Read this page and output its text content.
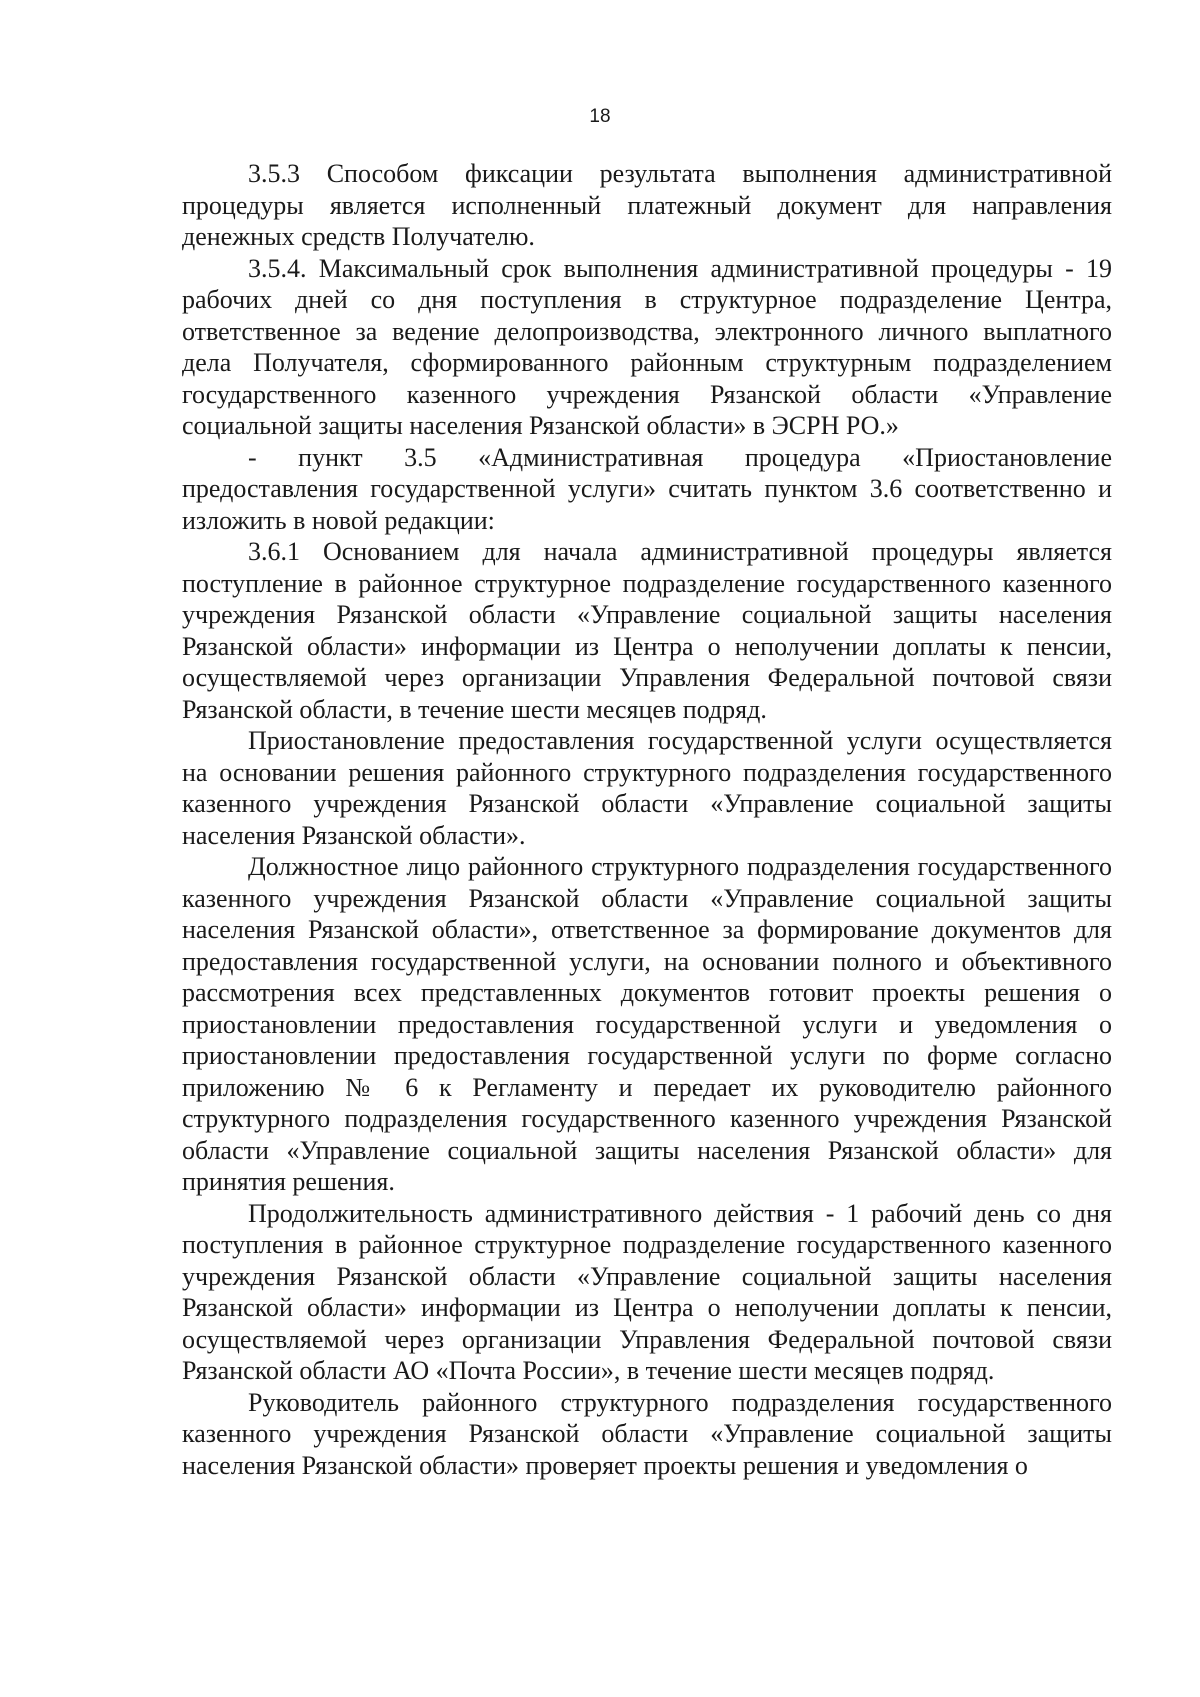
18

3.5.3 Способом фиксации результата выполнения административной процедуры является исполненный платежный документ для направления денежных средств Получателю.

3.5.4. Максимальный срок выполнения административной процедуры - 19 рабочих дней со дня поступления в структурное подразделение Центра, ответственное за ведение делопроизводства, электронного личного выплатного дела Получателя, сформированного районным структурным подразделением государственного казенного учреждения Рязанской области «Управление социальной защиты населения Рязанской области» в ЭСРН РО.»

- пункт 3.5 «Административная процедура «Приостановление предоставления государственной услуги» считать пунктом 3.6 соответственно и изложить в новой редакции:

3.6.1 Основанием для начала административной процедуры является поступление в районное структурное подразделение государственного казенного учреждения Рязанской области «Управление социальной защиты населения Рязанской области» информации из Центра о неполучении доплаты к пенсии, осуществляемой через организации Управления Федеральной почтовой связи Рязанской области, в течение шести месяцев подряд.

Приостановление предоставления государственной услуги осуществляется на основании решения районного структурного подразделения государственного казенного учреждения Рязанской области «Управление социальной защиты населения Рязанской области».

Должностное лицо районного структурного подразделения государственного казенного учреждения Рязанской области «Управление социальной защиты населения Рязанской области», ответственное за формирование документов для предоставления государственной услуги, на основании полного и объективного рассмотрения всех представленных документов готовит проекты решения о приостановлении предоставления государственной услуги и уведомления о приостановлении предоставления государственной услуги по форме согласно приложению № 6 к Регламенту и передает их руководителю районного структурного подразделения государственного казенного учреждения Рязанской области «Управление социальной защиты населения Рязанской области» для принятия решения.

Продолжительность административного действия - 1 рабочий день со дня поступления в районное структурное подразделение государственного казенного учреждения Рязанской области «Управление социальной защиты населения Рязанской области» информации из Центра о неполучении доплаты к пенсии, осуществляемой через организации Управления Федеральной почтовой связи Рязанской области АО «Почта России», в течение шести месяцев подряд.

Руководитель районного структурного подразделения государственного казенного учреждения Рязанской области «Управление социальной защиты населения Рязанской области» проверяет проекты решения и уведомления о
